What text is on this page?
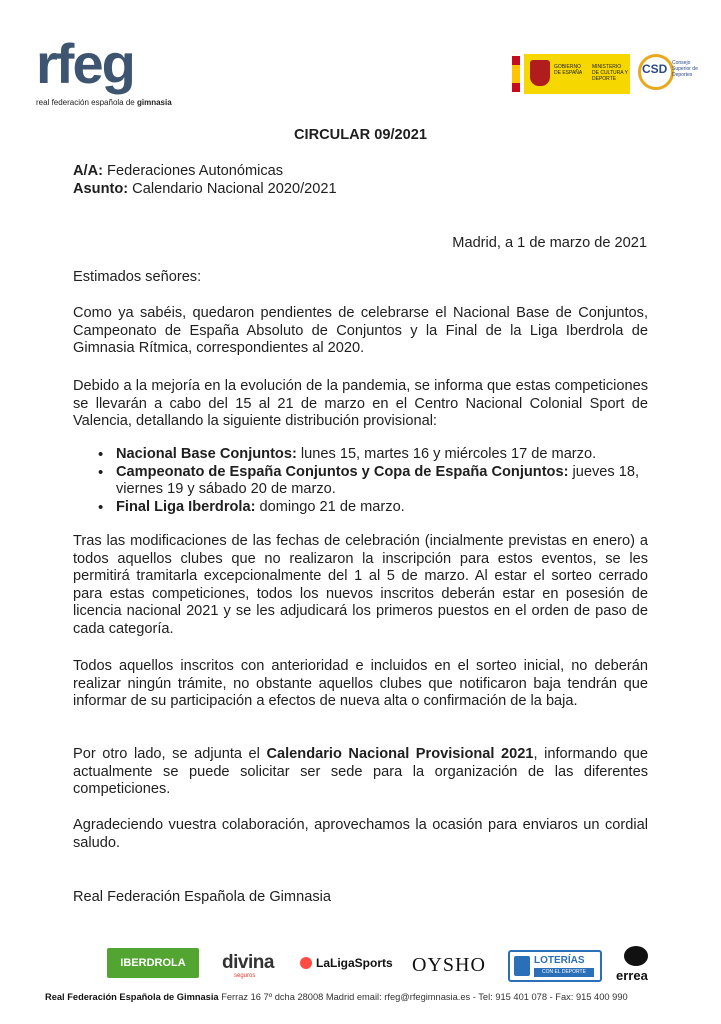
rfeg
real federación española de gimnasia
GOBIERNO DE ESPAÑA
MINISTERIO DE CULTURA Y DEPORTE
CSD Consejo Superior de Deportes
CIRCULAR 09/2021
A/A: Federaciones Autonómicas
Asunto: Calendario Nacional 2020/2021
Madrid, a 1 de marzo de 2021
Estimados señores:
Como ya sabéis, quedaron pendientes de celebrarse el Nacional Base de Conjuntos, Campeonato de España Absoluto de Conjuntos y la Final de la Liga Iberdrola de Gimnasia Rítmica, correspondientes al 2020.
Debido a la mejoría en la evolución de la pandemia, se informa que estas competiciones se llevarán a cabo del 15 al 21 de marzo en el Centro Nacional Colonial Sport de Valencia, detallando la siguiente distribución provisional:
• Nacional Base Conjuntos: lunes 15, martes 16 y miércoles 17 de marzo.
• Campeonato de España Conjuntos y Copa de España Conjuntos: jueves 18, viernes 19 y sábado 20 de marzo.
• Final Liga Iberdrola: domingo 21 de marzo.
Tras las modificaciones de las fechas de celebración (incialmente previstas en enero) a todos aquellos clubes que no realizaron la inscripción para estos eventos, se les permitirá tramitarla excepcionalmente del 1 al 5 de marzo. Al estar el sorteo cerrado para estas competiciones, todos los nuevos inscritos deberán estar en posesión de licencia nacional 2021 y se les adjudicará los primeros puestos en el orden de paso de cada categoría.
Todos aquellos inscritos con anterioridad e incluidos en el sorteo inicial, no deberán realizar ningún trámite, no obstante aquellos clubes que notificaron baja tendrán que informar de su participación a efectos de nueva alta o confirmación de la baja.
Por otro lado, se adjunta el Calendario Nacional Provisional 2021, informando que actualmente se puede solicitar ser sede para la organización de las diferentes competiciones.
Agradeciendo vuestra colaboración, aprovechamos la ocasión para enviaros un cordial saludo.
Real Federación Española de Gimnasia
IBERDROLA	divina
seguros
LaLigaSports OYSHO	LOTERÍAS
CON EL DEPORTE	errea
Real Federación Española de Gimnasia Ferraz 16 7º dcha 28008 Madrid email: rfeg@rfegimnasia.es - Tel: 915 401 078 - Fax: 915 400 990
